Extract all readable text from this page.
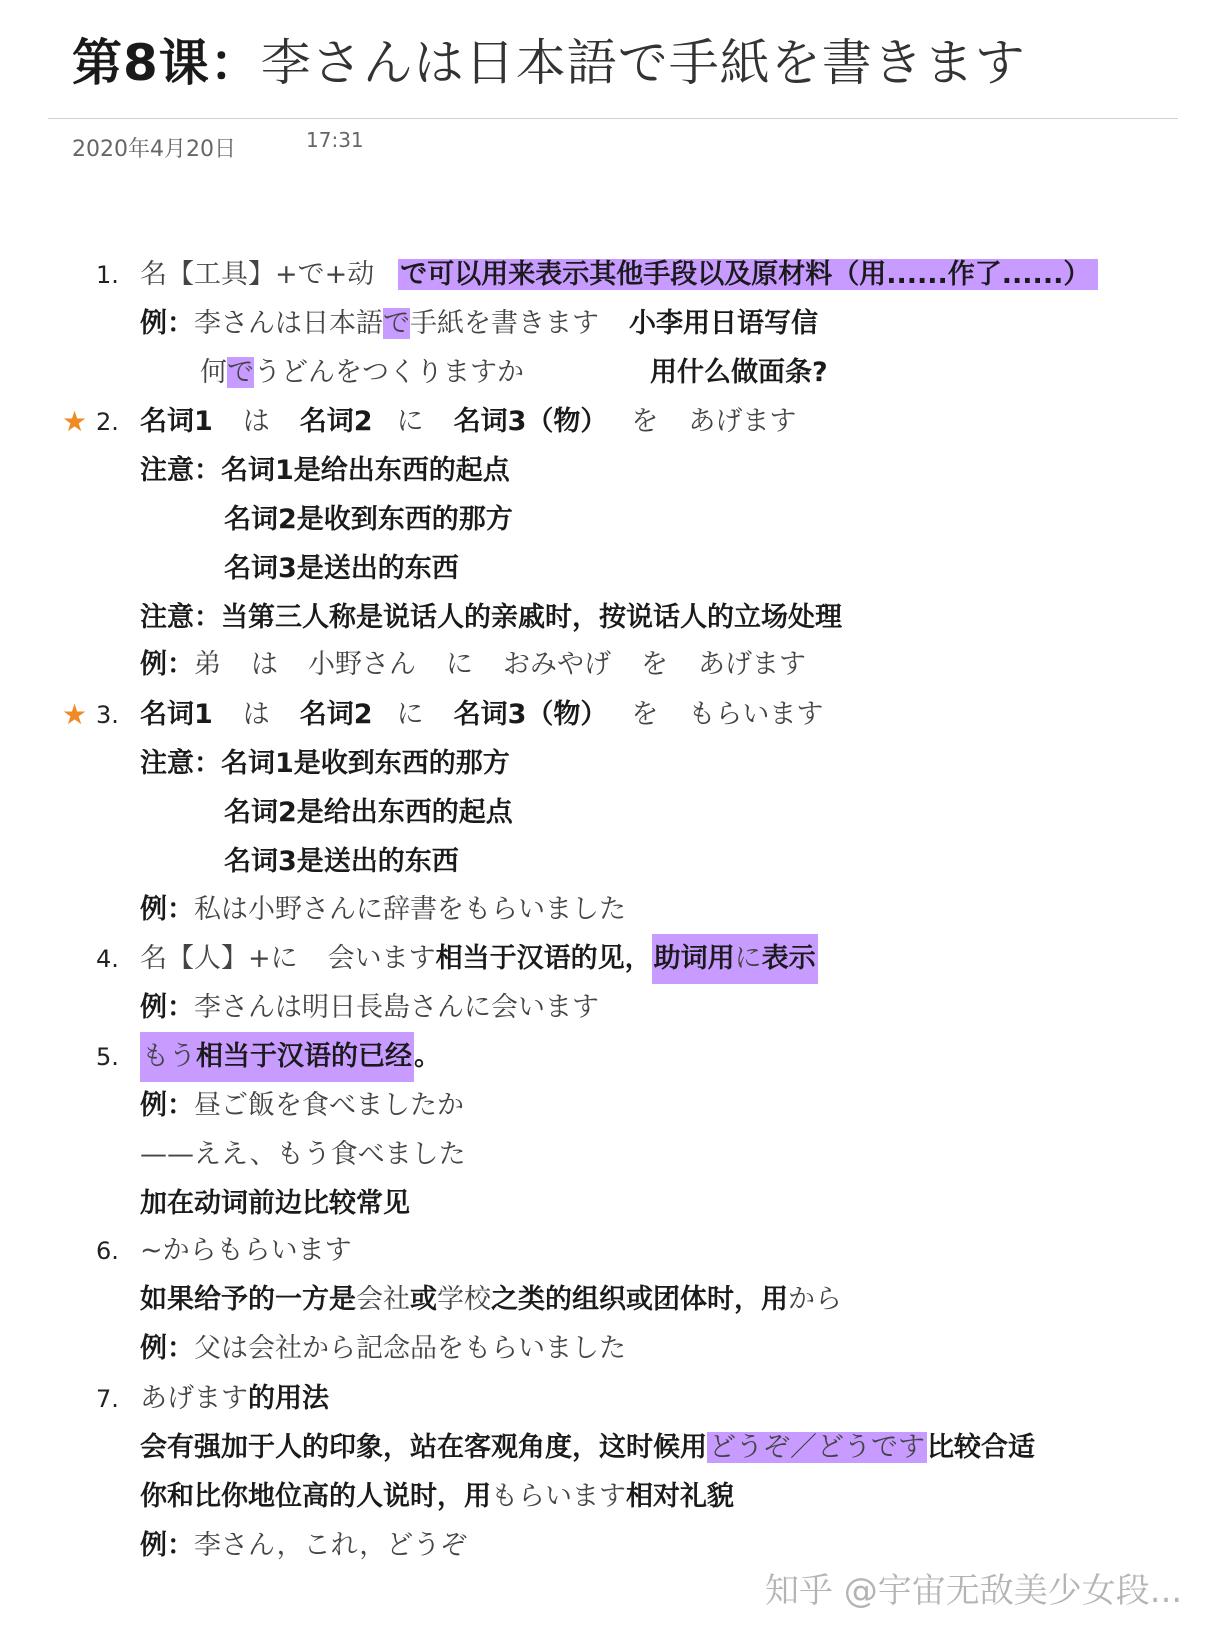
第8课：李さんは日本語で手紙を書きます
2020年4月20日	17:31
1. 名【工具】+で+动 で可以用来表示其他手段以及原材料（用......作了......）
例：李さんは日本語で手紙を書きます 小李用日语写信
何でうどんをつくりますか	用什么做面条?
★ 2. 名词1 は 名词2 に 名词3（物） を あげます
注意：名词1是给出东西的起点
名词2是收到东西的那方
名词3是送出的东西
注意：当第三人称是说话人的亲戚时，按说话人的立场处理
例：弟 は 小野さん に おみやげ を あげます
★ 3. 名词1 は 名词2 に 名词3（物） を もらいます
注意：名词1是收到东西的那方
名词2是给出东西的起点
名词3是送出的东西
例：私は小野さんに辞書をもらいました
4. 名【人】+に 会います相当于汉语的见，助词用に表示
例：李さんは明日長島さんに会います
5. もう相当于汉语的已经。
例：昼ご飯を食べましたか
——ええ、もう食べました
加在动词前边比较常见
6. ~からもらいます
如果给予的一方是会社或学校之类的组织或团体时，用から
例：父は会社から記念品をもらいました
7. あげます的用法
会有强加于人的印象，站在客观角度，这时候用どうぞ／どうです比较合适
你和比你地位高的人说时，用もらいます相对礼貌
例：李さん，これ，どうぞ
知乎 @宇宙无敌美少女段...
